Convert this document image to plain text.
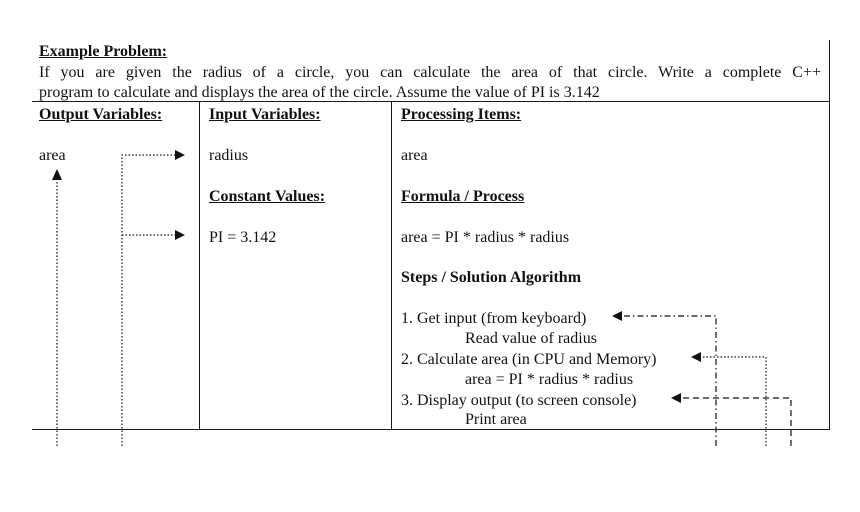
Example Problem:
If you are given the radius of a circle, you can calculate the area of that circle. Write a complete C++
program to calculate and displays the area of the circle. Assume the value of PI is 3.142
Output Variables:
area
Input Variables:
radius
Constant Values:
PI = 3.142
Processing Items:
area
Formula / Process
area = PI * radius * radius
Steps / Solution Algorithm
1. Get input (from keyboard)
Read value of radius
2. Calculate area (in CPU and Memory)
area = PI * radius * radius
3. Display output (to screen console)
Print area
